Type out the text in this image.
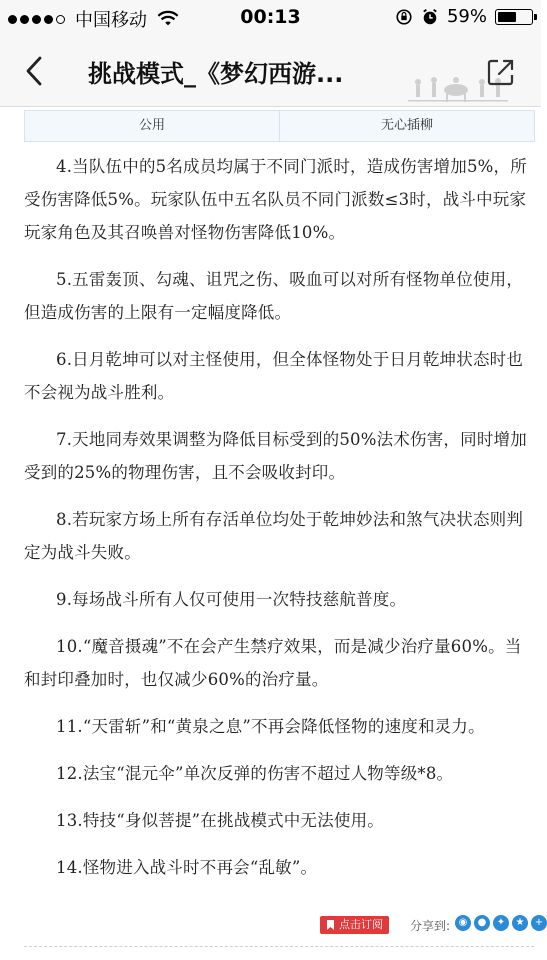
中国移动	00:13	59%
挑战模式_《梦幻西游...
公用	无心插柳

4.当队伍中的5名成员均属于不同门派时，造成伤害增加5%，所受伤害降低5%。玩家队伍中五名队员不同门派数≤3时，战斗中玩家玩家角色及其召唤兽对怪物伤害降低10%。

5.五雷轰顶、勾魂、诅咒之伤、吸血可以对所有怪物单位使用，但造成伤害的上限有一定幅度降低。

6.日月乾坤可以对主怪使用，但全体怪物处于日月乾坤状态时也不会视为战斗胜利。

7.天地同寿效果调整为降低目标受到的50%法术伤害，同时增加受到的25%的物理伤害，且不会吸收封印。

8.若玩家方场上所有存活单位均处于乾坤妙法和煞气决状态则判定为战斗失败。

9.每场战斗所有人仅可使用一次特技慈航普度。

10.“魔音摄魂”不在会产生禁疗效果，而是减少治疗量60%。当和封印叠加时，也仅减少60%的治疗量。

11.“天雷斩”和“黄泉之息”不再会降低怪物的速度和灵力。

12.法宝“混元伞”单次反弹的伤害不超过人物等级*8。

13.特技“身似菩提”在挑战模式中无法使用。

14.怪物进入战斗时不再会“乱敏”。

点击订阅 分享到: ◉	●	✦	★	+
